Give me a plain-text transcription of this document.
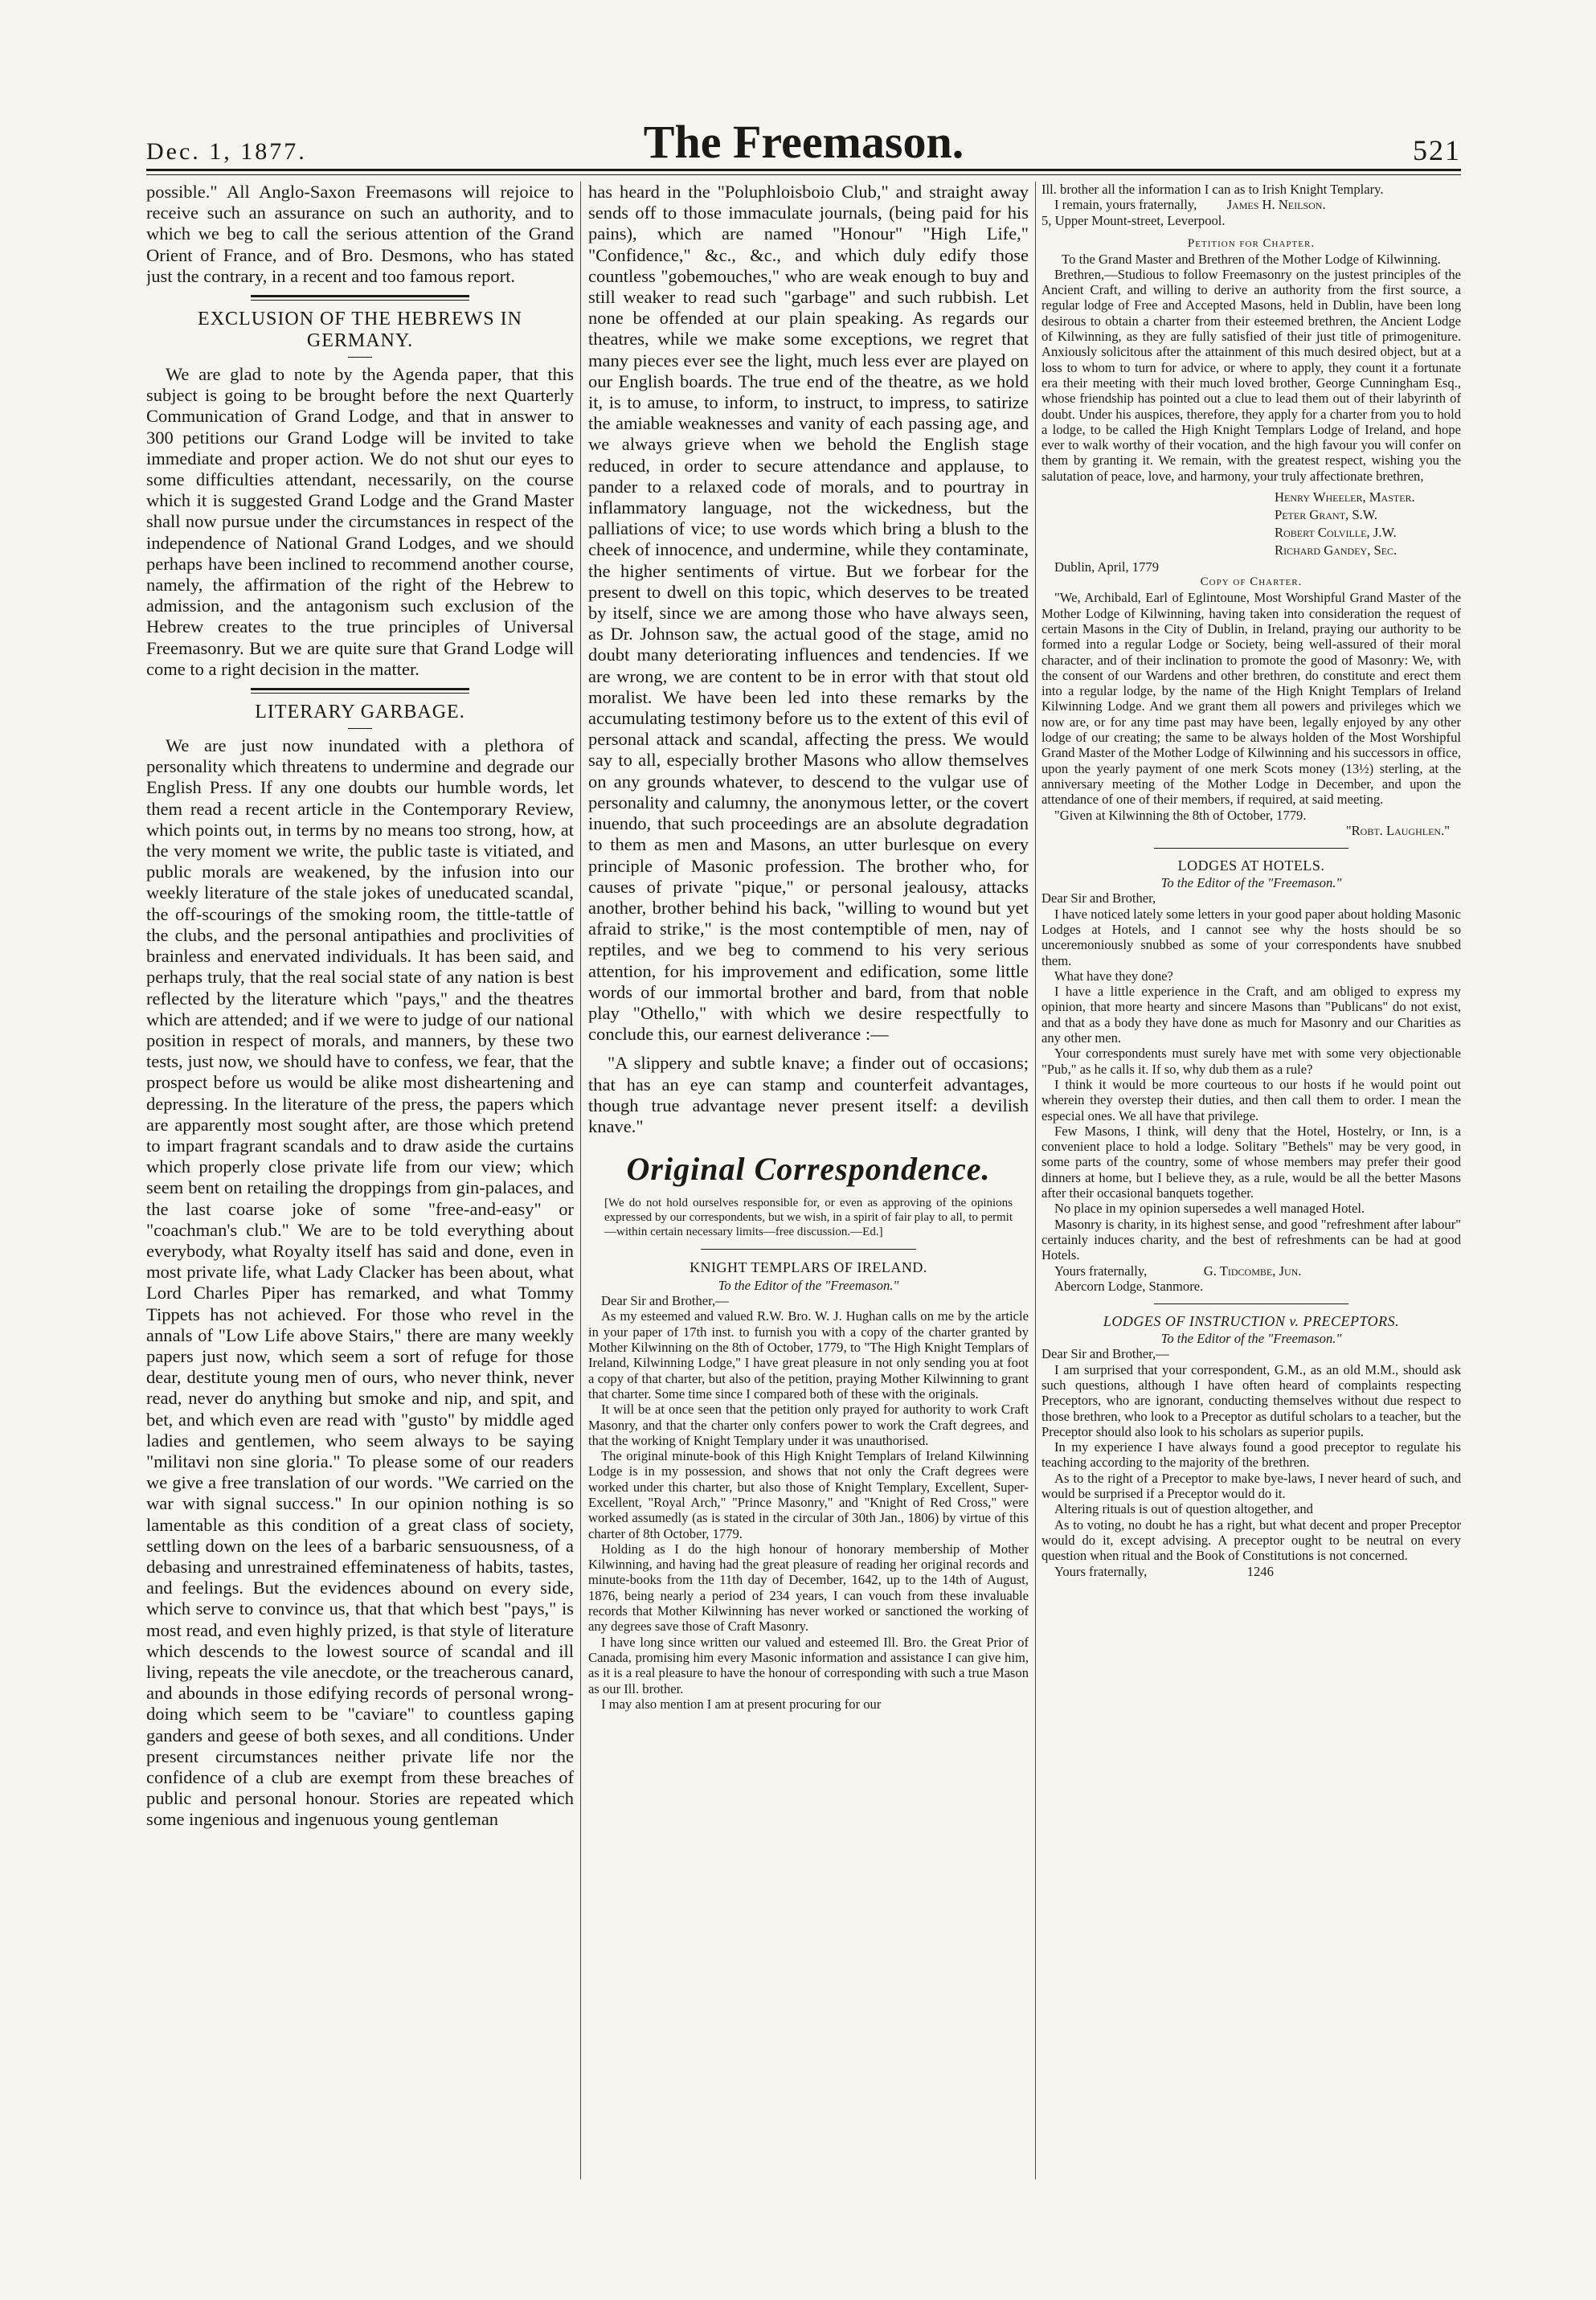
Dec. 1, 1877.	The Freemason.	521

possible." All Anglo-Saxon Freemasons will rejoice to receive such an assurance on such an authority, and to which we beg to call the serious attention of the Grand Orient of France, and of Bro. Desmons, who has stated just the contrary, in a recent and too famous report.

EXCLUSION OF THE HEBREWS IN GERMANY.

We are glad to note by the Agenda paper, that this subject is going to be brought before the next Quarterly Communication of Grand Lodge, and that in answer to 300 petitions our Grand Lodge will be invited to take immediate and proper action. We do not shut our eyes to some difficulties attendant, necessarily, on the course which it is suggested Grand Lodge and the Grand Master shall now pursue under the circumstances in respect of the independence of National Grand Lodges, and we should perhaps have been inclined to recommend another course, namely, the affirmation of the right of the Hebrew to admission, and the antagonism such exclusion of the Hebrew creates to the true principles of Universal Freemasonry. But we are quite sure that Grand Lodge will come to a right decision in the matter.

LITERARY GARBAGE.

We are just now inundated with a plethora of personality which threatens to undermine and degrade our English Press. If any one doubts our humble words, let them read a recent article in the Contemporary Review, which points out, in terms by no means too strong, how, at the very moment we write, the public taste is vitiated, and public morals are weakened, by the infusion into our weekly literature of the stale jokes of uneducated scandal, the off-scourings of the smoking room, the tittle-tattle of the clubs, and the personal antipathies and proclivities of brainless and enervated individuals. It has been said, and perhaps truly, that the real social state of any nation is best reflected by the literature which "pays," and the theatres which are attended; and if we were to judge of our national position in respect of morals, and manners, by these two tests, just now, we should have to confess, we fear, that the prospect before us would be alike most disheartening and depressing. In the literature of the press, the papers which are apparently most sought after, are those which pretend to impart fragrant scandals and to draw aside the curtains which properly close private life from our view; which seem bent on retailing the droppings from gin-palaces, and the last coarse joke of some "free-and-easy" or "coachman's club." We are to be told everything about everybody, what Royalty itself has said and done, even in most private life, what Lady Clacker has been about, what Lord Charles Piper has remarked, and what Tommy Tippets has not achieved. For those who revel in the annals of "Low Life above Stairs," there are many weekly papers just now, which seem a sort of refuge for those dear, destitute young men of ours, who never think, never read, never do anything but smoke and nip, and spit, and bet, and which even are read with "gusto" by middle aged ladies and gentlemen, who seem always to be saying "militavi non sine gloria." To please some of our readers we give a free translation of our words. "We carried on the war with signal success." In our opinion nothing is so lamentable as this condition of a great class of society, settling down on the lees of a barbaric sensuousness, of a debasing and unrestrained effeminateness of habits, tastes, and feelings. But the evidences abound on every side, which serve to convince us, that that which best "pays," is most read, and even highly prized, is that style of literature which descends to the lowest source of scandal and ill living, repeats the vile anecdote, or the treacherous canard, and abounds in those edifying records of personal wrong-doing which seem to be "caviare" to countless gaping ganders and geese of both sexes, and all conditions. Under present circumstances neither private life nor the confidence of a club are exempt from these breaches of public and personal honour. Stories are repeated which some ingenious and ingenuous young gentleman

has heard in the "Poluphloisboio Club," and straight away sends off to those immaculate journals, (being paid for his pains), which are named "Honour" "High Life," "Confidence," &c., &c., and which duly edify those countless "gobemouches," who are weak enough to buy and still weaker to read such "garbage" and such rubbish. Let none be offended at our plain speaking. As regards our theatres, while we make some exceptions, we regret that many pieces ever see the light, much less ever are played on our English boards. The true end of the theatre, as we hold it, is to amuse, to inform, to instruct, to impress, to satirize the amiable weaknesses and vanity of each passing age, and we always grieve when we behold the English stage reduced, in order to secure attendance and applause, to pander to a relaxed code of morals, and to pourtray in inflammatory language, not the wickedness, but the palliations of vice; to use words which bring a blush to the cheek of innocence, and undermine, while they contaminate, the higher sentiments of virtue. But we forbear for the present to dwell on this topic, which deserves to be treated by itself, since we are among those who have always seen, as Dr. Johnson saw, the actual good of the stage, amid no doubt many deteriorating influences and tendencies. If we are wrong, we are content to be in error with that stout old moralist. We have been led into these remarks by the accumulating testimony before us to the extent of this evil of personal attack and scandal, affecting the press. We would say to all, especially brother Masons who allow themselves on any grounds whatever, to descend to the vulgar use of personality and calumny, the anonymous letter, or the covert inuendo, that such proceedings are an absolute degradation to them as men and Masons, an utter burlesque on every principle of Masonic profession. The brother who, for causes of private "pique," or personal jealousy, attacks another, brother behind his back, "willing to wound but yet afraid to strike," is the most contemptible of men, nay of reptiles, and we beg to commend to his very serious attention, for his improvement and edification, some little words of our immortal brother and bard, from that noble play "Othello," with which we desire respectfully to conclude this, our earnest deliverance :—

"A slippery and subtle knave; a finder out of occasions; that has an eye can stamp and counterfeit advantages, though true advantage never present itself: a devilish knave."

Original Correspondence.

[We do not hold ourselves responsible for, or even as approving of the opinions expressed by our correspondents, but we wish, in a spirit of fair play to all, to permit—within certain necessary limits—free discussion.—Ed.]

KNIGHT TEMPLARS OF IRELAND.
To the Editor of the "Freemason."

Dear Sir and Brother,—

As my esteemed and valued R.W. Bro. W. J. Hughan calls on me by the article in your paper of 17th inst. to furnish you with a copy of the charter granted by Mother Kilwinning on the 8th of October, 1779, to "The High Knight Templars of Ireland, Kilwinning Lodge," I have great pleasure in not only sending you at foot a copy of that charter, but also of the petition, praying Mother Kilwinning to grant that charter. Some time since I compared both of these with the originals.

It will be at once seen that the petition only prayed for authority to work Craft Masonry, and that the charter only confers power to work the Craft degrees, and that the working of Knight Templary under it was unauthorised.

The original minute-book of this High Knight Templars of Ireland Kilwinning Lodge is in my possession, and shows that not only the Craft degrees were worked under this charter, but also those of Knight Templary, Excellent, Super-Excellent, "Royal Arch," "Prince Masonry," and "Knight of Red Cross," were worked assumedly (as is stated in the circular of 30th Jan., 1806) by virtue of this charter of 8th October, 1779.

Holding as I do the high honour of honorary membership of Mother Kilwinning, and having had the great pleasure of reading her original records and minute-books from the 11th day of December, 1642, up to the 14th of August, 1876, being nearly a period of 234 years, I can vouch from these invaluable records that Mother Kilwinning has never worked or sanctioned the working of any degrees save those of Craft Masonry.

I have long since written our valued and esteemed Ill. Bro. the Great Prior of Canada, promising him every Masonic information and assistance I can give him, as it is a real pleasure to have the honour of corresponding with such a true Mason as our Ill. brother.

I may also mention I am at present procuring for our

Ill. brother all the information I can as to Irish Knight Templary.

I remain, yours fraternally, James H. Neilson.

5, Upper Mount-street, Leverpool.

Petition for Chapter.
To the Grand Master and Brethren of the Mother Lodge of Kilwinning.

Brethren,—Studious to follow Freemasonry on the justest principles of the Ancient Craft, and willing to derive an authority from the first source, a regular lodge of Free and Accepted Masons, held in Dublin, have been long desirous to obtain a charter from their esteemed brethren, the Ancient Lodge of Kilwinning, as they are fully satisfied of their just title of primogeniture. Anxiously solicitous after the attainment of this much desired object, but at a loss to whom to turn for advice, or where to apply, they count it a fortunate era their meeting with their much loved brother, George Cunningham Esq., whose friendship has pointed out a clue to lead them out of their labyrinth of doubt. Under his auspices, therefore, they apply for a charter from you to hold a lodge, to be called the High Knight Templars Lodge of Ireland, and hope ever to walk worthy of their vocation, and the high favour you will confer on them by granting it. We remain, with the greatest respect, wishing you the salutation of peace, love, and harmony, your truly affectionate brethren,

Henry Wheeler, Master.
Peter Grant, S.W.
Robert Colville, J.W.
Richard Gandey, Sec.

Dublin, April, 1779

Copy of Charter.

"We, Archibald, Earl of Eglintoune, Most Worshipful Grand Master of the Mother Lodge of Kilwinning, having taken into consideration the request of certain Masons in the City of Dublin, in Ireland, praying our authority to be formed into a regular Lodge or Society, being well-assured of their moral character, and of their inclination to promote the good of Masonry: We, with the consent of our Wardens and other brethren, do constitute and erect them into a regular lodge, by the name of the High Knight Templars of Ireland Kilwinning Lodge. And we grant them all powers and privileges which we now are, or for any time past may have been, legally enjoyed by any other lodge of our creating; the same to be always holden of the Most Worshipful Grand Master of the Mother Lodge of Kilwinning and his successors in office, upon the yearly payment of one merk Scots money (13½) sterling, at the anniversary meeting of the Mother Lodge in December, and upon the attendance of one of their members, if required, at said meeting.

"Given at Kilwinning the 8th of October, 1779.

"Robt. Laughlen."

LODGES AT HOTELS.
To the Editor of the "Freemason."

Dear Sir and Brother,

I have noticed lately some letters in your good paper about holding Masonic Lodges at Hotels, and I cannot see why the hosts should be so unceremoniously snubbed as some of your correspondents have snubbed them.

What have they done?

I have a little experience in the Craft, and am obliged to express my opinion, that more hearty and sincere Masons than "Publicans" do not exist, and that as a body they have done as much for Masonry and our Charities as any other men.

Your correspondents must surely have met with some very objectionable "Pub," as he calls it. If so, why dub them as a rule?

I think it would be more courteous to our hosts if he would point out wherein they overstep their duties, and then call them to order. I mean the especial ones. We all have that privilege.

Few Masons, I think, will deny that the Hotel, Hostelry, or Inn, is a convenient place to hold a lodge. Solitary "Bethels" may be very good, in some parts of the country, some of whose members may prefer their good dinners at home, but I believe they, as a rule, would be all the better Masons after their occasional banquets together.

No place in my opinion supersedes a well managed Hotel.

Masonry is charity, in its highest sense, and good "refreshment after labour" certainly induces charity, and the best of refreshments can be had at good Hotels.

Yours fraternally,	G. Tidcombe, Jun.

Abercorn Lodge, Stanmore.

LODGES OF INSTRUCTION v. PRECEPTORS.
To the Editor of the "Freemason."

Dear Sir and Brother,—

I am surprised that your correspondent, G.M., as an old M.M., should ask such questions, although I have often heard of complaints respecting Preceptors, who are ignorant, conducting themselves without due respect to those brethren, who look to a Preceptor as dutiful scholars to a teacher, but the Preceptor should also look to his scholars as superior pupils.

In my experience I have always found a good preceptor to regulate his teaching according to the majority of the brethren.

As to the right of a Preceptor to make bye-laws, I never heard of such, and would be surprised if a Preceptor would do it.

Altering rituals is out of question altogether, and

As to voting, no doubt he has a right, but what decent and proper Preceptor would do it, except advising. A preceptor ought to be neutral on every question when ritual and the Book of Constitutions is not concerned.

Yours fraternally,	1246
